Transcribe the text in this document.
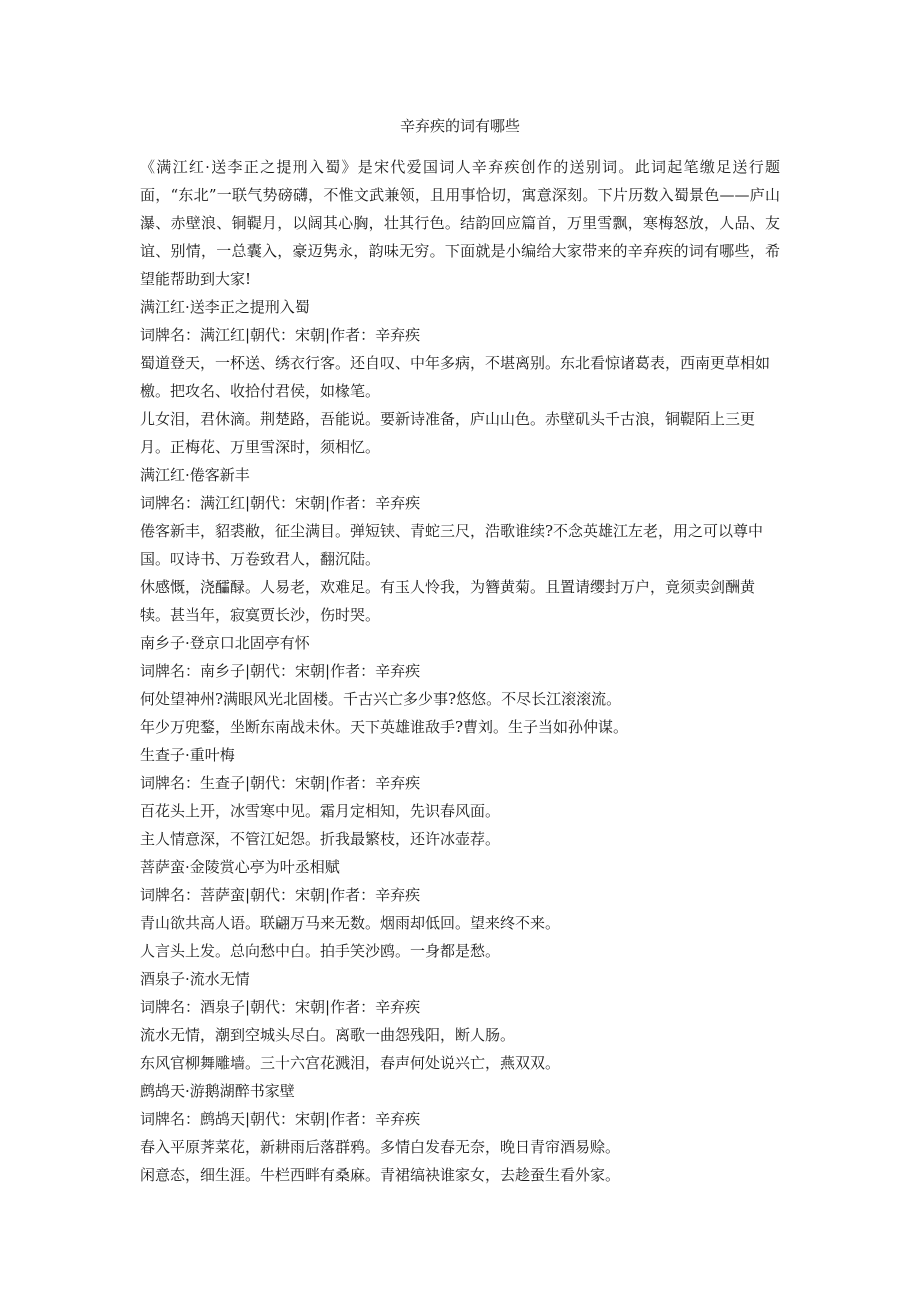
辛弃疾的词有哪些

《满江红·送李正之提刑入蜀》是宋代爱国词人辛弃疾创作的送别词。此词起笔缴足送行题面，“东北”一联气势磅礴，不惟文武兼领，且用事恰切，寓意深刻。下片历数入蜀景色——庐山瀑、赤壁浪、铜鞮月，以阔其心胸，壮其行色。结韵回应篇首，万里雪飘，寒梅怒放，人品、友谊、别情，一总囊入，豪迈隽永，韵味无穷。下面就是小编给大家带来的辛弃疾的词有哪些，希望能帮助到大家!

满江红·送李正之提刑入蜀

词牌名：满江红|朝代：宋朝|作者：辛弃疾

蜀道登天，一杯送、绣衣行客。还自叹、中年多病，不堪离别。东北看惊诸葛表，西南更草相如檄。把攻名、收拾付君侯，如椽笔。

儿女泪，君休滴。荆楚路，吾能说。要新诗准备，庐山山色。赤壁矶头千古浪，铜鞮陌上三更月。正梅花、万里雪深时，须相忆。

满江红·倦客新丰

词牌名：满江红|朝代：宋朝|作者：辛弃疾

倦客新丰，貂裘敝，征尘满目。弹短铗、青蛇三尺，浩歌谁续?不念英雄江左老，用之可以尊中国。叹诗书、万卷致君人，翻沉陆。

休感慨，浇醽醁。人易老，欢难足。有玉人怜我，为簪黄菊。且置请缨封万户，竟须卖剑酬黄犊。甚当年，寂寞贾长沙，伤时哭。

南乡子·登京口北固亭有怀

词牌名：南乡子|朝代：宋朝|作者：辛弃疾

何处望神州?满眼风光北固楼。千古兴亡多少事?悠悠。不尽长江滚滚流。

年少万兜鍪，坐断东南战未休。天下英雄谁敌手?曹刘。生子当如孙仲谋。

生查子·重叶梅

词牌名：生查子|朝代：宋朝|作者：辛弃疾

百花头上开，冰雪寒中见。霜月定相知，先识春风面。

主人情意深，不管江妃怨。折我最繁枝，还许冰壶荐。

菩萨蛮·金陵赏心亭为叶丞相赋

词牌名：菩萨蛮|朝代：宋朝|作者：辛弃疾

青山欲共高人语。联翩万马来无数。烟雨却低回。望来终不来。

人言头上发。总向愁中白。拍手笑沙鸥。一身都是愁。

酒泉子·流水无情

词牌名：酒泉子|朝代：宋朝|作者：辛弃疾

流水无情，潮到空城头尽白。离歌一曲怨残阳，断人肠。

东风官柳舞雕墙。三十六宫花溅泪，春声何处说兴亡，燕双双。

鹧鸪天·游鹅湖醉书家壁

词牌名：鹧鸪天|朝代：宋朝|作者：辛弃疾

春入平原荠菜花，新耕雨后落群鸦。多情白发春无奈，晚日青帘酒易赊。

闲意态，细生涯。牛栏西畔有桑麻。青裙缟袂谁家女，去趁蚕生看外家。
